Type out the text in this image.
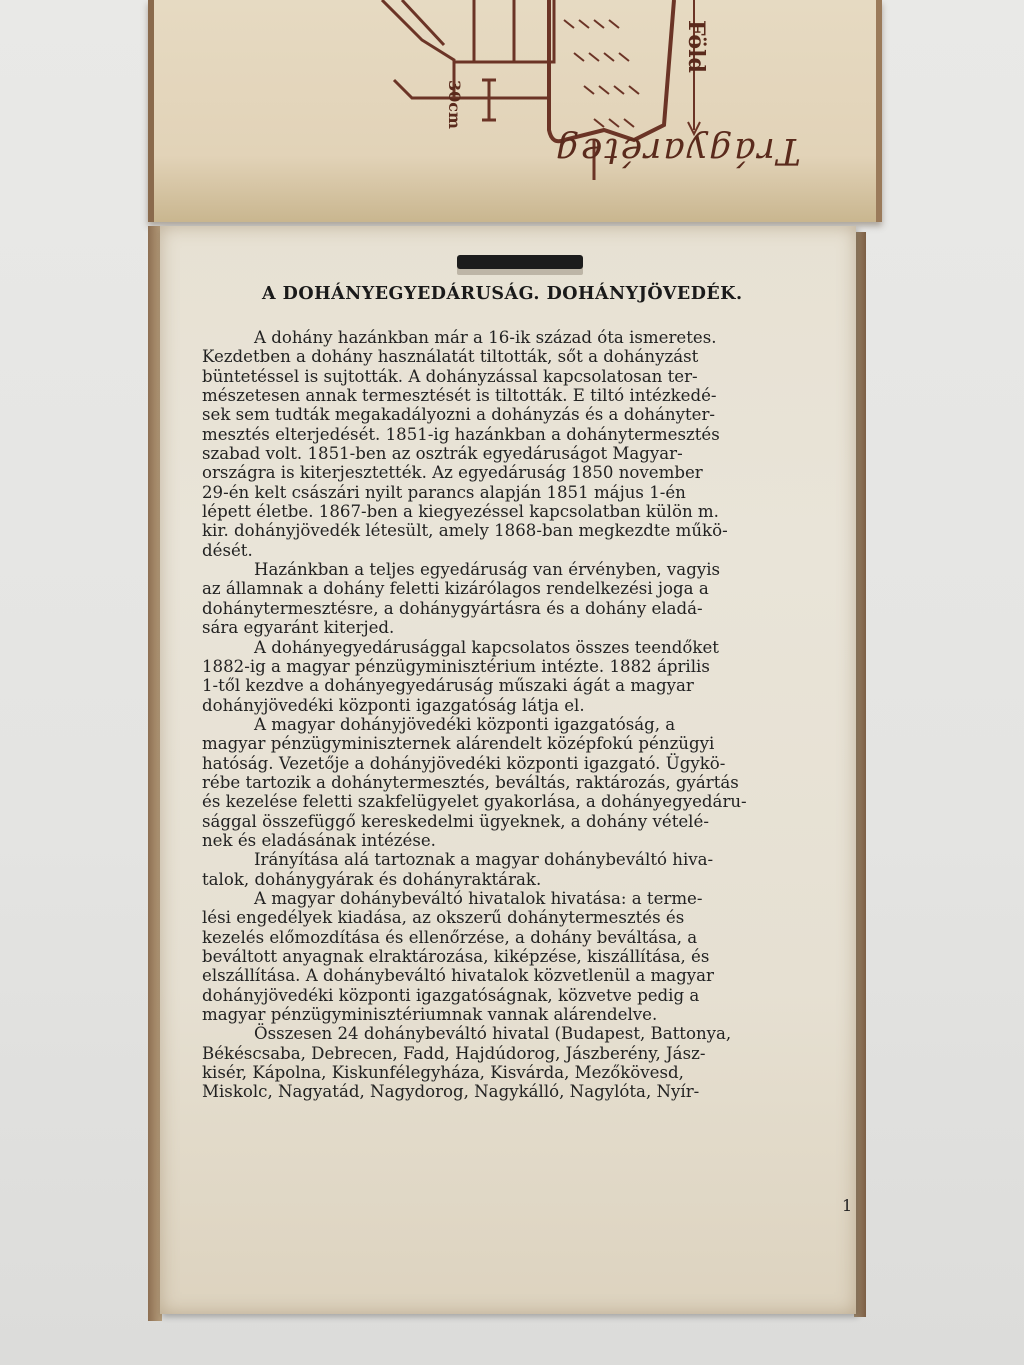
Trágyaréteg
Föld
30cm
A DOHÁNYEGYEDÁRUSÁG. DOHÁNYJÖVEDÉK.

A dohány hazánkban már a 16-ik század óta ismeretes.

Kezdetben a dohány használatát tiltották, sőt a dohányzást

büntetéssel is sujtották. A dohányzással kapcsolatosan ter-

mészetesen annak termesztését is tiltották. E tiltó intézkedé-

sek sem tudták megakadályozni a dohányzás és a dohányter-

mesztés elterjedését. 1851-ig hazánkban a dohánytermesztés

szabad volt. 1851-ben az osztrák egyedáruságot Magyar-

országra is kiterjesztették. Az egyedáruság 1850 november

29-én kelt császári nyilt parancs alapján 1851 május 1-én

lépett életbe. 1867-ben a kiegyezéssel kapcsolatban külön m.

kir. dohányjövedék létesült, amely 1868-ban megkezdte műkö-

dését.

Hazánkban a teljes egyedáruság van érvényben, vagyis

az államnak a dohány feletti kizárólagos rendelkezési joga a

dohánytermesztésre, a dohánygyártásra és a dohány eladá-

sára egyaránt kiterjed.

A dohányegyedárusággal kapcsolatos összes teendőket

1882-ig a magyar pénzügyminisztérium intézte. 1882 április

1-től kezdve a dohányegyedáruság műszaki ágát a magyar

dohányjövedéki központi igazgatóság látja el.

A magyar dohányjövedéki központi igazgatóság, a

magyar pénzügyminiszternek alárendelt középfokú pénzügyi

hatóság. Vezetője a dohányjövedéki központi igazgató. Ügykö-

rébe tartozik a dohánytermesztés, beváltás, raktározás, gyártás

és kezelése feletti szakfelügyelet gyakorlása, a dohányegyedáru-

sággal összefüggő kereskedelmi ügyeknek, a dohány vételé-

nek és eladásának intézése.

Irányítása alá tartoznak a magyar dohánybeváltó hiva-

talok, dohánygyárak és dohányraktárak.

A magyar dohánybeváltó hivatalok hivatása: a terme-

lési engedélyek kiadása, az okszerű dohánytermesztés és

kezelés előmozdítása és ellenőrzése, a dohány beváltása, a

beváltott anyagnak elraktározása, kiképzése, kiszállítása, és

elszállítása. A dohánybeváltó hivatalok közvetlenül a magyar

dohányjövedéki központi igazgatóságnak, közvetve pedig a

magyar pénzügyminisztériumnak vannak alárendelve.

Összesen 24 dohánybeváltó hivatal (Budapest, Battonya,

Békéscsaba, Debrecen, Fadd, Hajdúdorog, Jászberény, Jász-

kisér, Kápolna, Kiskunfélegyháza, Kisvárda, Mezőkövesd,

Miskolc, Nagyatád, Nagydorog, Nagykálló, Nagylóta, Nyír-

1
